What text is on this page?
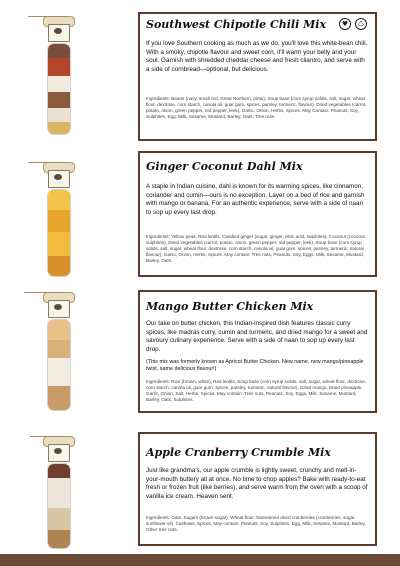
Southwest Chipotle Chili Mix	♥	♺
If you love Southern cooking as much as we do, you'll love this white-bean chili. With a smoky, chipotle flavour and sweet corn, it'll warm your belly and your soul. Garnish with shredded cheddar cheese and fresh cilantro, and serve with a side of cornbread—optional, but delicious.
Ingredients: Beans (navy, small red, Great Northern, pinto), Soup base (corn syrup solids, salt, sugar, wheat flour, dextrose, corn starch, canola oil, guar gum, spices, parsley, turmeric, flavour), Dried vegetables (carrot, potato, onion, green pepper, red pepper, leek), Garlic, Onion, Herbs, Spices. May Contain: Peanuts, Soy, Sulphites, Egg, Milk, Sesame, Mustard, Barley, Oats, Tree nuts.
Ginger Coconut Dahl Mix
A staple in Indian cuisine, dahl is known for its warming spices, like cinnamon, coriander and cumin—ours is no exception. Layer on a bed of rice and garnish with mango or banana. For an authentic experience, serve with a side of naan to sop up every last drop.
Ingredients: Yellow peas, Red lentils, Candied ginger (sugar, ginger, citric acid, sulphites), Coconut (coconut, sulphites), Dried vegetables (carrot, potato, onion, green pepper, red pepper, leek), Soup base (corn syrup solids, salt, sugar, wheat flour, dextrose, corn starch, canola oil, guar gum, spices, parsley, turmeric, natural flavour), Garlic, Onion, Herbs, Spices. May contain: Tree nuts, Peanuts, Soy, Eggs, Milk, Sesame, Mustard, Barley, Oats.
Mango Butter Chicken Mix
Our take on butter chicken, this Indian-inspired dish features classic curry spices, like madras curry, cumin and turmeric, and dried mango for a sweet and savoury culinary experience. Serve with a side of naan to sop up every last drop.
(This mix was formerly known as Apricot Butter Chicken. New name, new mango/pineapple twist, same delicious flavour!)
Ingredients: Rice (brown, white), Red lentils, Soup base (corn syrup solids, salt, sugar, wheat flour, dextrose, corn starch, canola oil, guar gum, spices, parsley, turmeric, natural flavour), Dried mango, Dried pineapple, Garlic, Onion, Salt, Herbs, Spices. May contain: Tree nuts, Peanuts, Soy, Eggs, Milk, Sesame, Mustard, Barley, Oats, Sulphites.
Apple Cranberry Crumble Mix
Just like grandma's, our apple crumble is lightly sweet, crunchy and melt-in-your-mouth buttery all at once. No time to chop apples? Bake with ready-to-eat fresh or frozen fruit (like berries), and serve warm from the oven with a scoop of vanilla ice cream. Heaven sent.
Ingredients: Oats, Sugars (brown sugar), Wheat flour, Sweetened dried cranberries (cranberries, sugar, sunflower oil), Cashews, Spices. May contain: Peanuts, Soy, Sulphites, Egg, Milk, Sesame, Mustard, Barley, Other tree nuts.
